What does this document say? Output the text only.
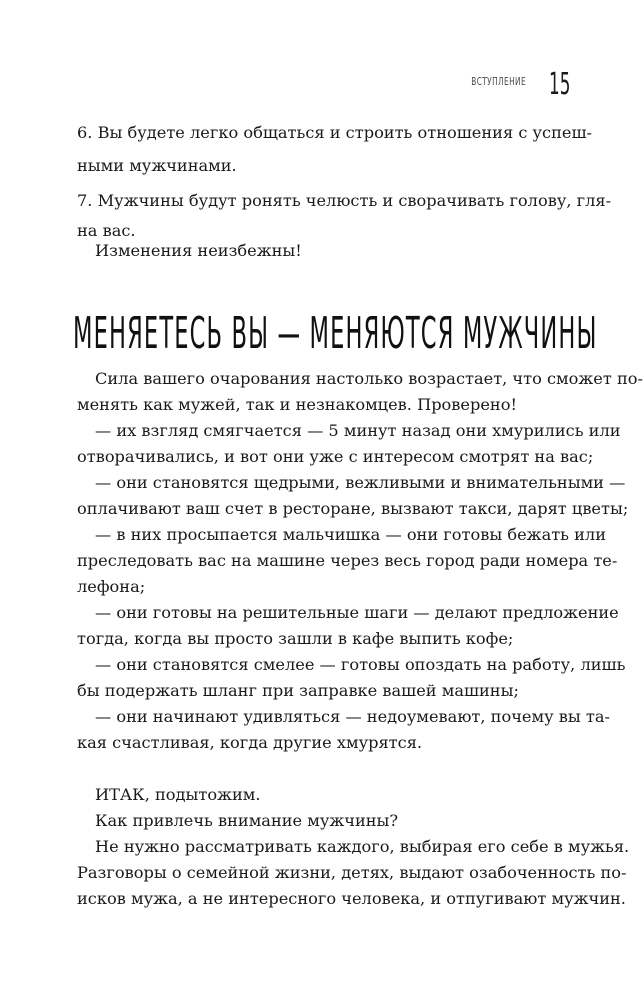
ВСТУПЛЕНИЕ 15

6. Вы будете легко общаться и строить отношения с успеш-

ными мужчинами.

7. Мужчины будут ронять челюсть и сворачивать голову, гля-

на вас.

Изменения неизбежны!

МЕНЯЕТЕСЬ ВЫ — МЕНЯЮТСЯ МУЖЧИНЫ

Сила вашего очарования настолько возрастает, что сможет по-

менять как мужей, так и незнакомцев. Проверено!

— их взгляд смягчается — 5 минут назад они хмурились или

отворачивались, и вот они уже с интересом смотрят на вас;

— они становятся щедрыми, вежливыми и внимательными —

оплачивают ваш счет в ресторане, вызвают такси, дарят цветы;

— в них просыпается мальчишка — они готовы бежать или

преследовать вас на машине через весь город ради номера те-

лефона;

— они готовы на решительные шаги — делают предложение

тогда, когда вы просто зашли в кафе выпить кофе;

— они становятся смелее — готовы опоздать на работу, лишь

бы подержать шланг при заправке вашей машины;

— они начинают удивляться — недоумевают, почему вы та-

кая счастливая, когда другие хмурятся.

ИТАК, подытожим.

Как привлечь внимание мужчины?

Не нужно рассматривать каждого, выбирая его себе в мужья.

Разговоры о семейной жизни, детях, выдают озабоченность по-

исков мужа, а не интересного человека, и отпугивают мужчин.
